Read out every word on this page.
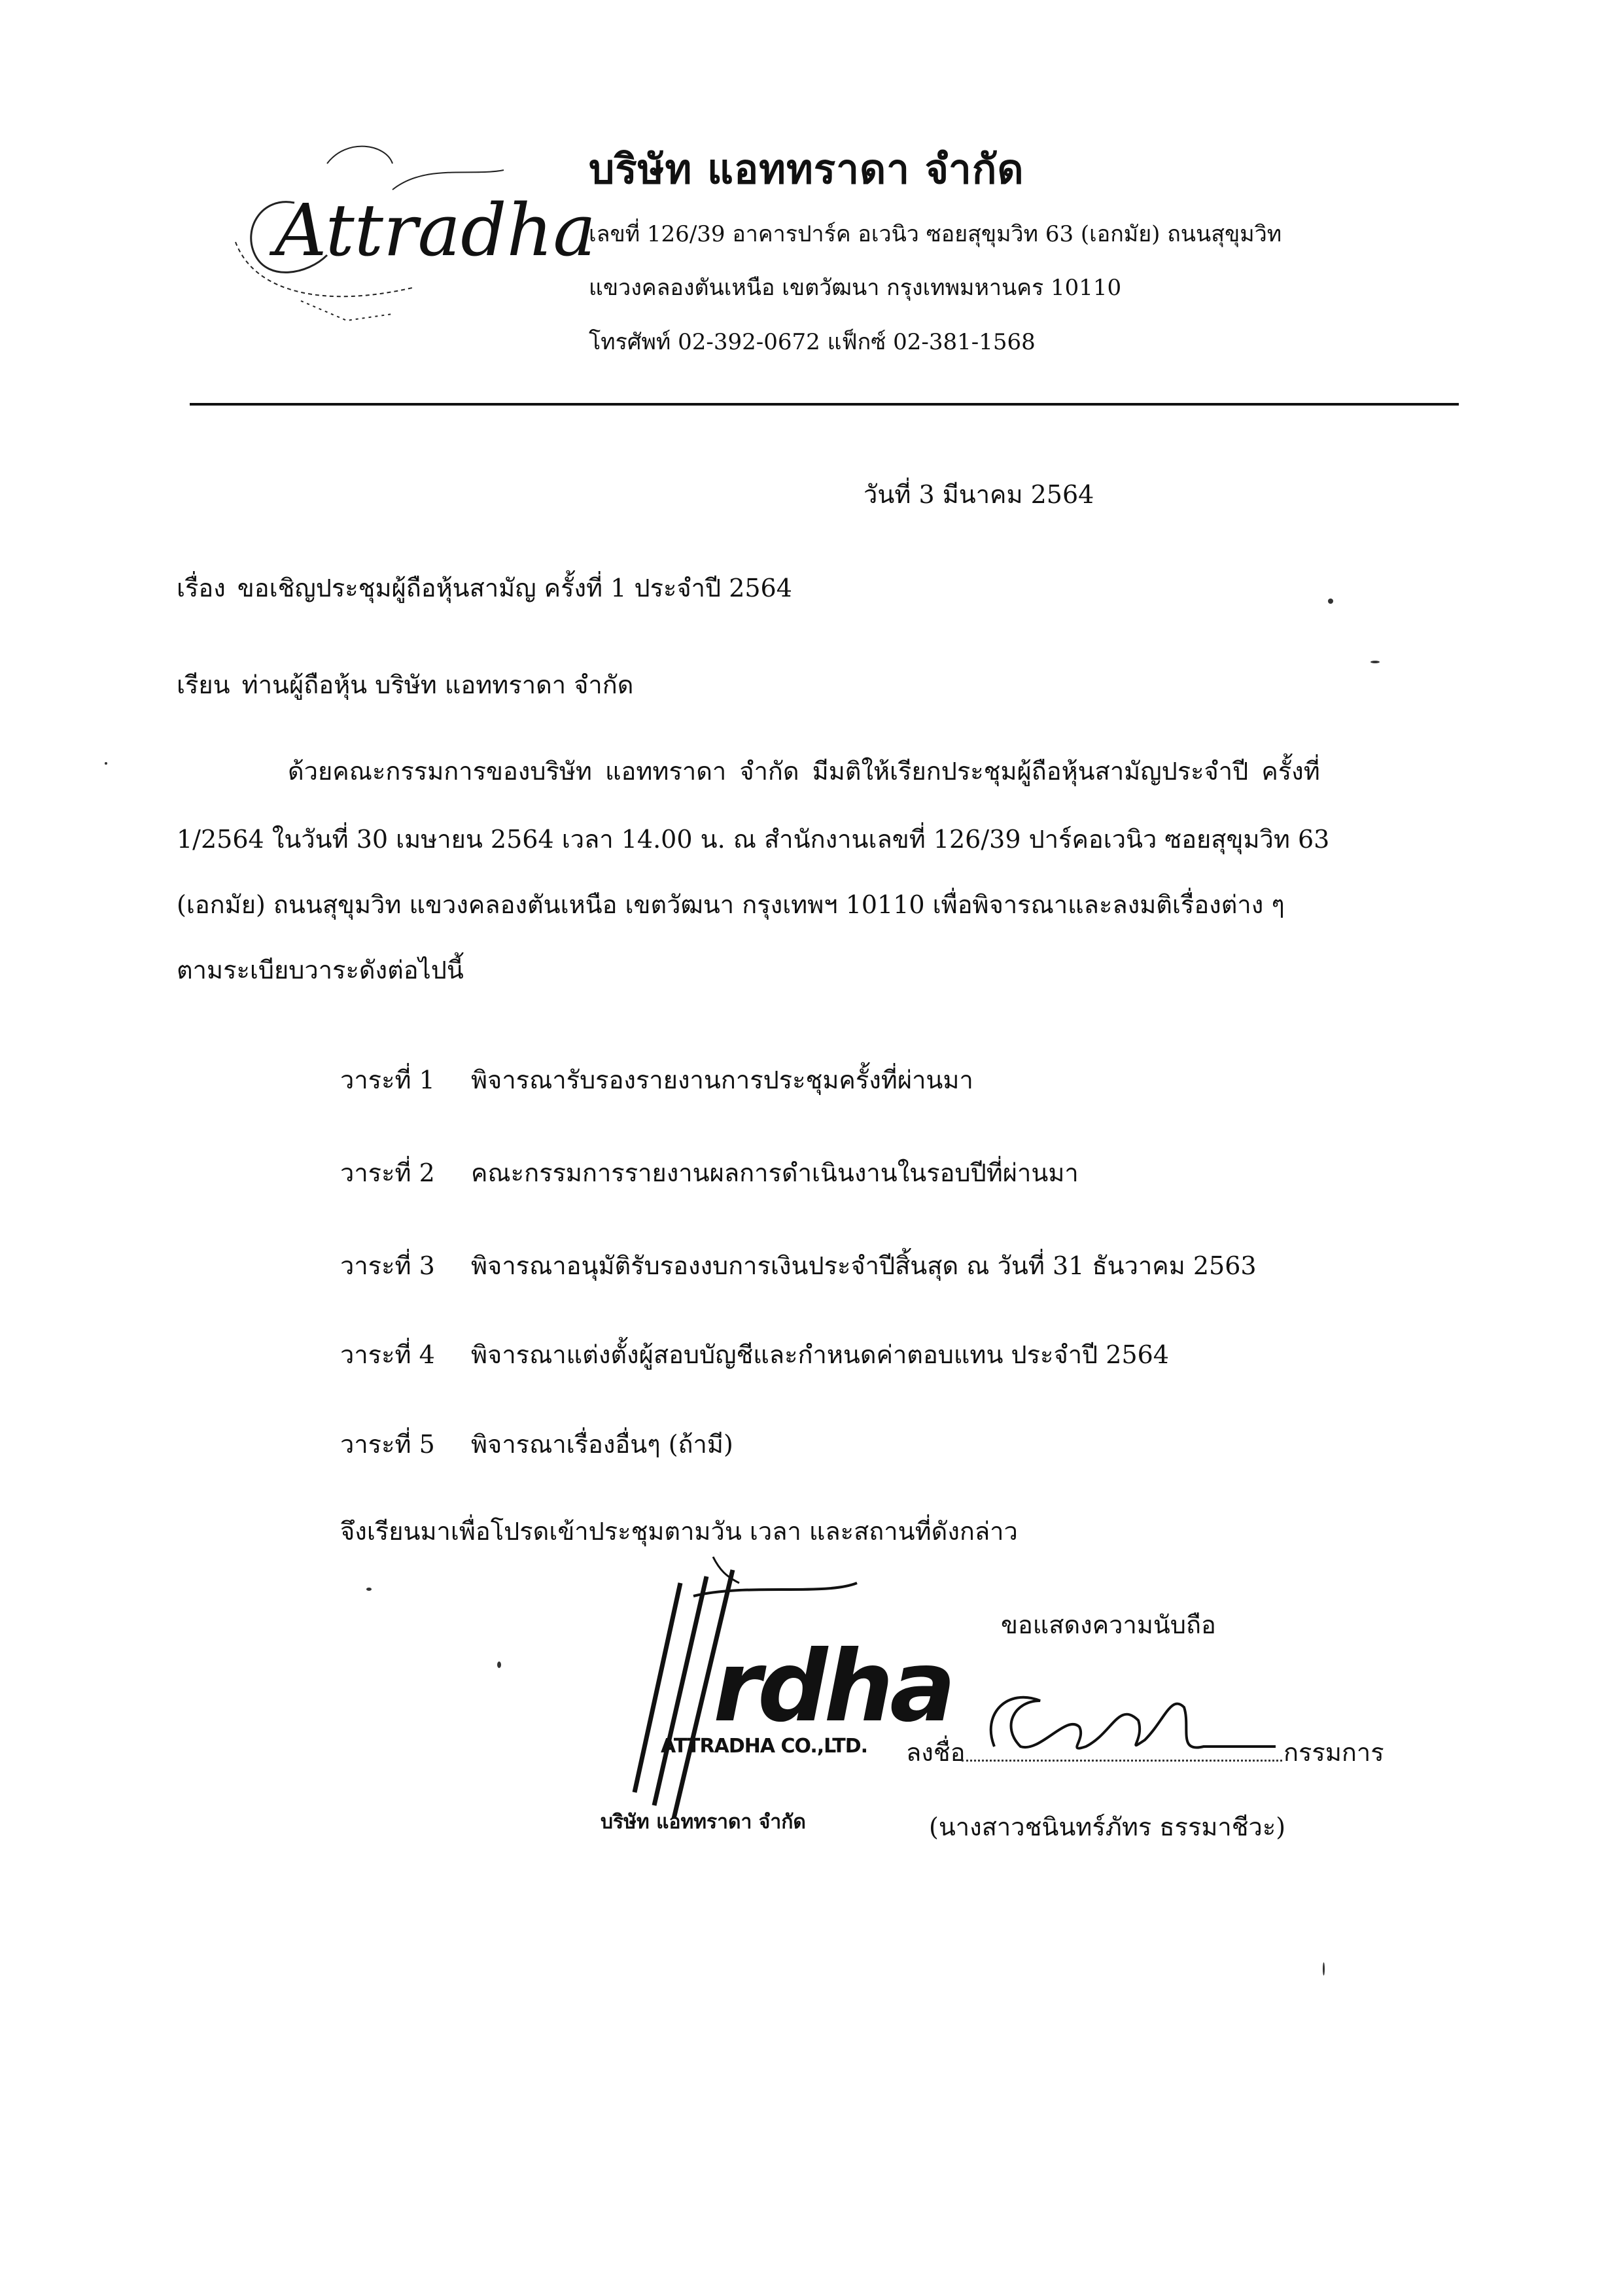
Attradha
บริษัท แอททราดา จำกัด
เลขที่ 126/39 อาคารปาร์ค อเวนิว ซอยสุขุมวิท 63 (เอกมัย) ถนนสุขุมวิท
แขวงคลองตันเหนือ เขตวัฒนา กรุงเทพมหานคร 10110
โทรศัพท์ 02-392-0672 แฟ็กซ์ 02-381-1568
วันที่ 3 มีนาคม 2564
เรื่อง ขอเชิญประชุมผู้ถือหุ้นสามัญ ครั้งที่ 1 ประจำปี 2564
เรียน ท่านผู้ถือหุ้น บริษัท แอททราดา จำกัด
ด้วยคณะกรรมการของบริษัท แอททราดา จำกัด มีมติให้เรียกประชุมผู้ถือหุ้นสามัญประจำปี ครั้งที่
1/2564 ในวันที่ 30 เมษายน 2564 เวลา 14.00 น. ณ สำนักงานเลขที่ 126/39 ปาร์คอเวนิว ซอยสุขุมวิท 63
(เอกมัย) ถนนสุขุมวิท แขวงคลองตันเหนือ เขตวัฒนา กรุงเทพฯ 10110 เพื่อพิจารณาและลงมติเรื่องต่าง ๆ
ตามระเบียบวาระดังต่อไปนี้
วาระที่ 1 พิจารณารับรองรายงานการประชุมครั้งที่ผ่านมา
วาระที่ 2 คณะกรรมการรายงานผลการดำเนินงานในรอบปีที่ผ่านมา
วาระที่ 3 พิจารณาอนุมัติรับรองงบการเงินประจำปีสิ้นสุด ณ วันที่ 31 ธันวาคม 2563
วาระที่ 4 พิจารณาแต่งตั้งผู้สอบบัญชีและกำหนดค่าตอบแทน ประจำปี 2564
วาระที่ 5 พิจารณาเรื่องอื่นๆ (ถ้ามี)
จึงเรียนมาเพื่อโปรดเข้าประชุมตามวัน เวลา และสถานที่ดังกล่าว
ขอแสดงความนับถือ
rdha
ATTRADHA CO.,LTD.
บริษัท แอททราดา จำกัด
ลงชื่อ	กรรมการ
(นางสาวชนินทร์ภัทร ธรรมาชีวะ)
